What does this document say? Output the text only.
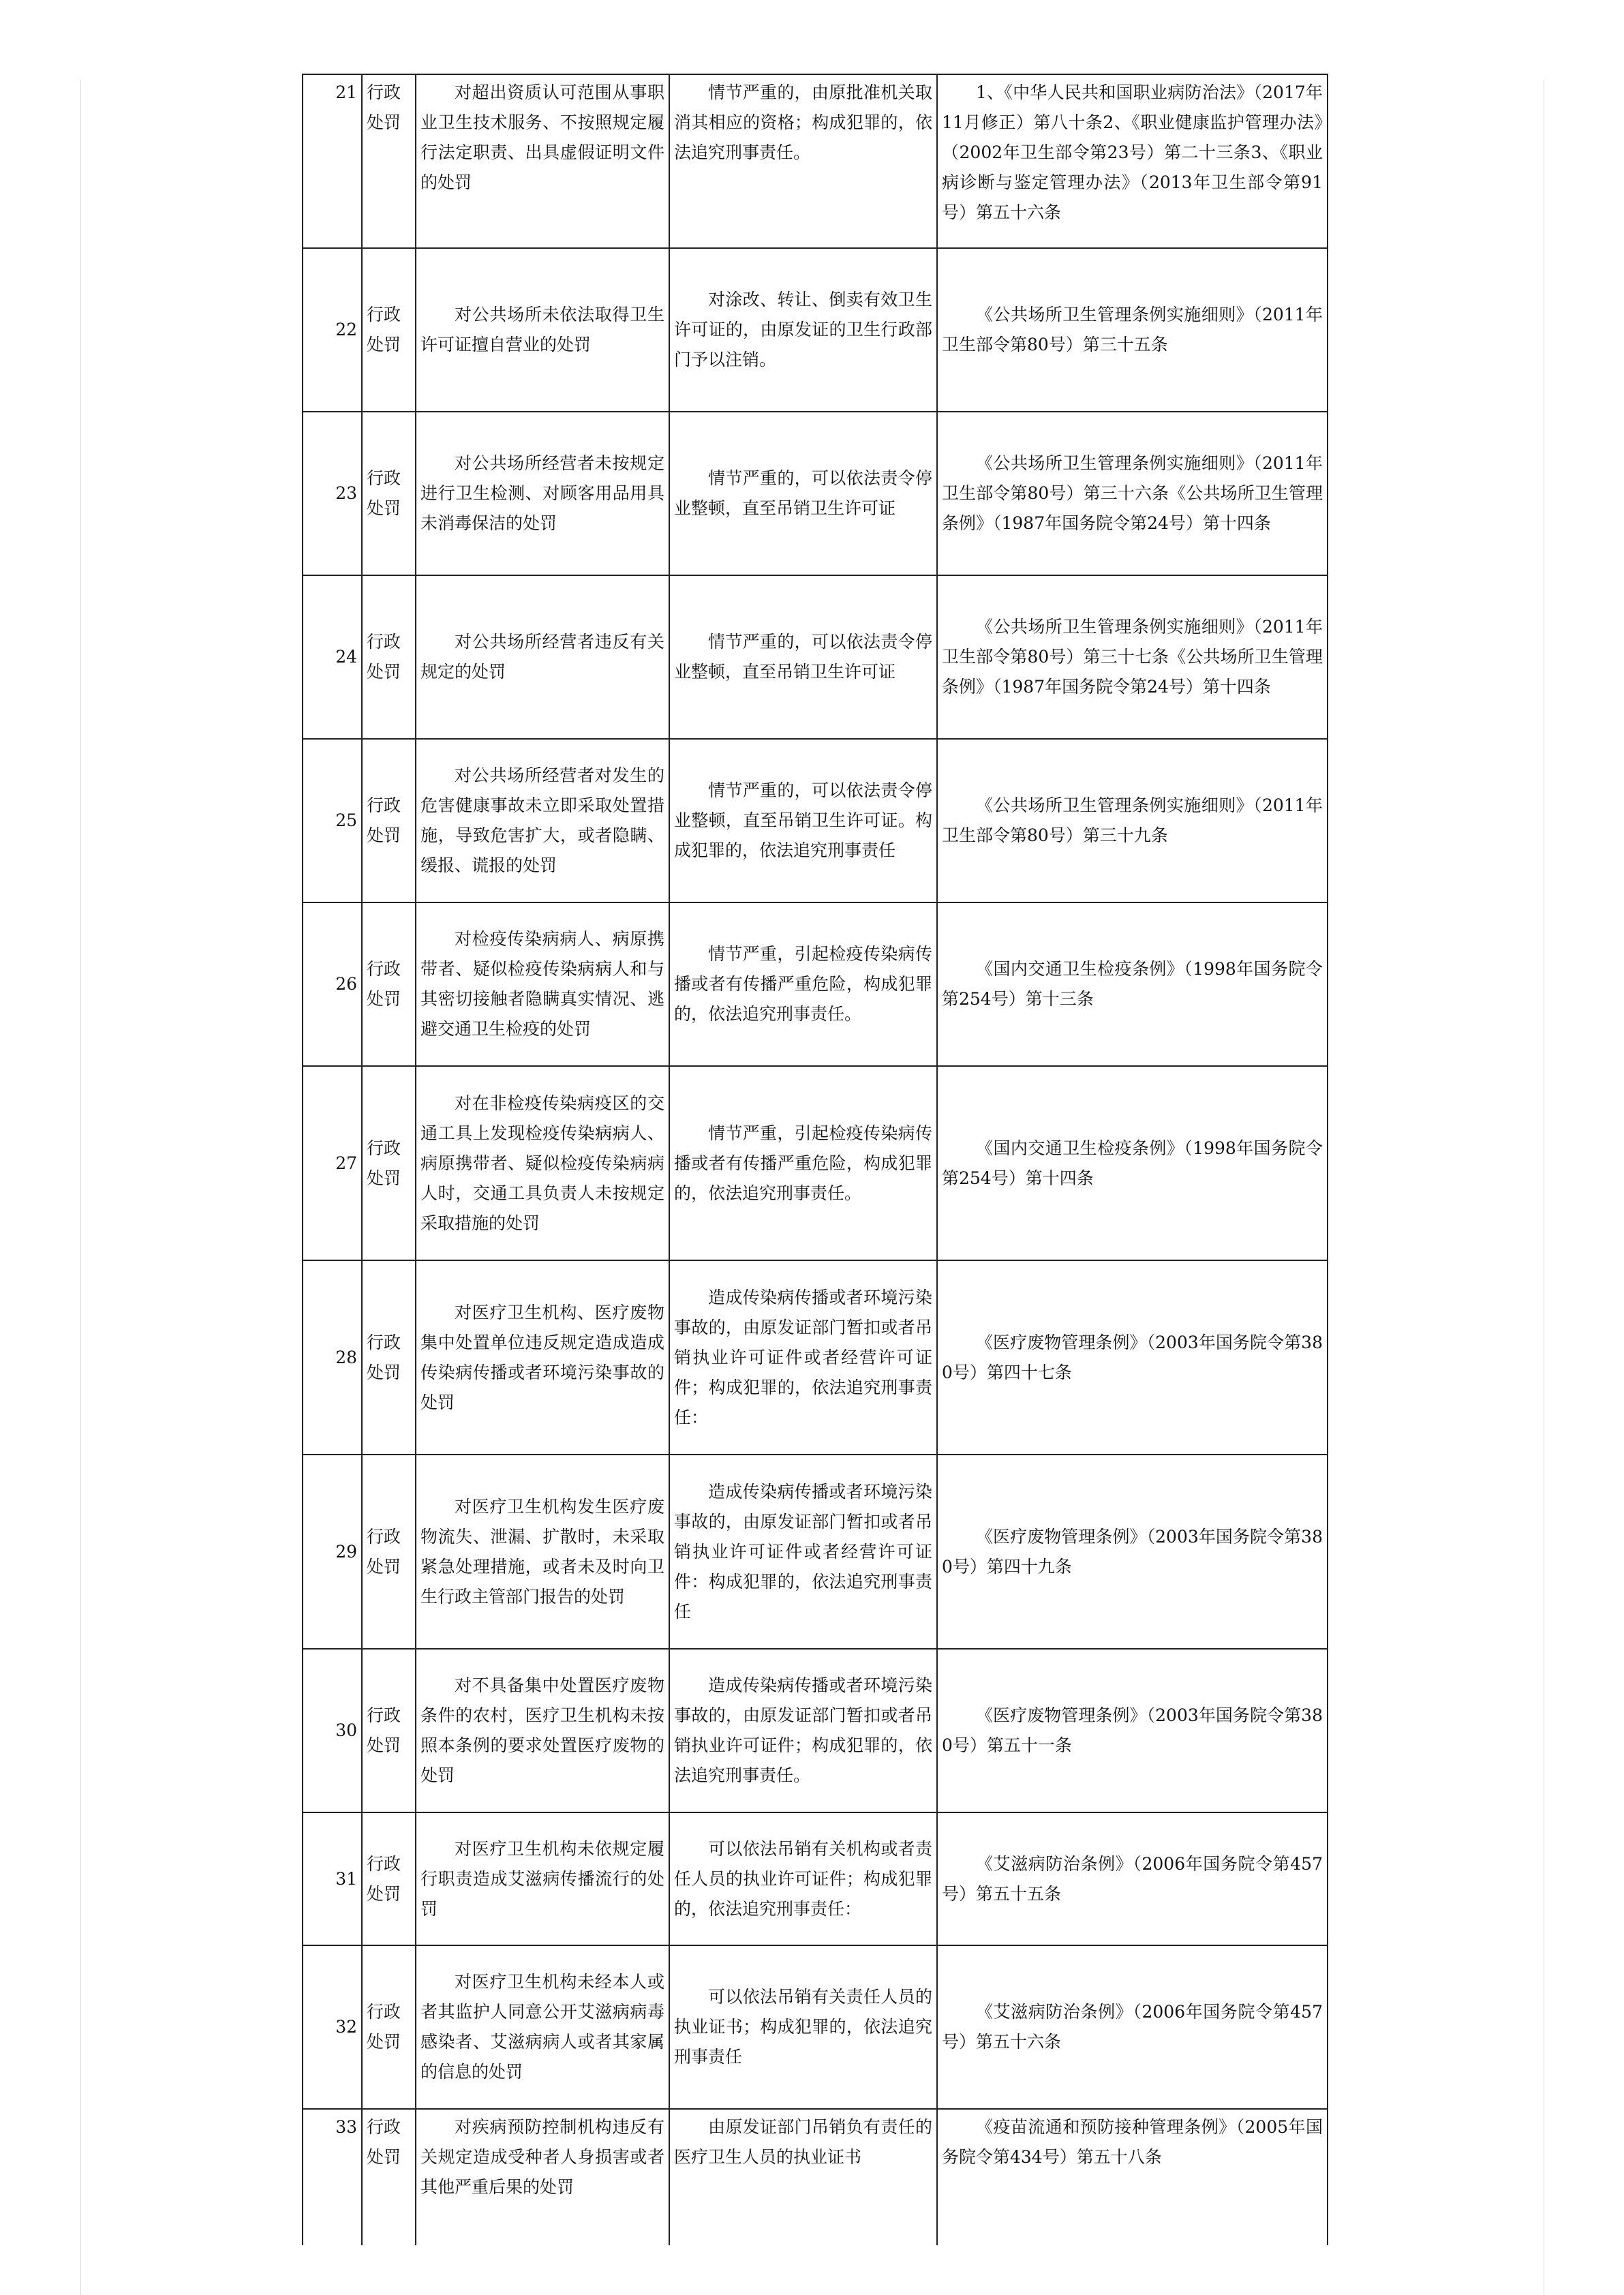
21	行政处罚	对超出资质认可范围从事职业卫生技术服务、不按照规定履行法定职责、出具虚假证明文件的处罚	情节严重的，由原批准机关取消其相应的资格；构成犯罪的，依法追究刑事责任。	1、《中华人民共和国职业病防治法》（2017年11月修正）第八十条2、《职业健康监护管理办法》（2002年卫生部令第23号）第二十三条3、《职业病诊断与鉴定管理办法》（2013年卫生部令第91号）第五十六条

22	行政处罚	对公共场所未依法取得卫生许可证擅自营业的处罚	对涂改、转让、倒卖有效卫生许可证的，由原发证的卫生行政部门予以注销。	《公共场所卫生管理条例实施细则》（2011年卫生部令第80号）第三十五条

23	行政处罚	对公共场所经营者未按规定进行卫生检测、对顾客用品用具未消毒保洁的处罚	情节严重的，可以依法责令停业整顿，直至吊销卫生许可证	《公共场所卫生管理条例实施细则》（2011年卫生部令第80号）第三十六条《公共场所卫生管理条例》（1987年国务院令第24号）第十四条

24	行政处罚	对公共场所经营者违反有关规定的处罚	情节严重的，可以依法责令停业整顿，直至吊销卫生许可证	《公共场所卫生管理条例实施细则》（2011年卫生部令第80号）第三十七条《公共场所卫生管理条例》（1987年国务院令第24号）第十四条

25	行政处罚	对公共场所经营者对发生的危害健康事故未立即采取处置措施，导致危害扩大，或者隐瞒、缓报、谎报的处罚	情节严重的，可以依法责令停业整顿，直至吊销卫生许可证。构成犯罪的，依法追究刑事责任	《公共场所卫生管理条例实施细则》（2011年卫生部令第80号）第三十九条

26	行政处罚	对检疫传染病病人、病原携带者、疑似检疫传染病病人和与其密切接触者隐瞒真实情况、逃避交通卫生检疫的处罚	情节严重，引起检疫传染病传播或者有传播严重危险，构成犯罪的，依法追究刑事责任。	《国内交通卫生检疫条例》（1998年国务院令第254号）第十三条

27	行政处罚	对在非检疫传染病疫区的交通工具上发现检疫传染病病人、病原携带者、疑似检疫传染病病人时，交通工具负责人未按规定采取措施的处罚	情节严重，引起检疫传染病传播或者有传播严重危险，构成犯罪的，依法追究刑事责任。	《国内交通卫生检疫条例》（1998年国务院令第254号）第十四条

28	行政处罚	对医疗卫生机构、医疗废物集中处置单位违反规定造成造成传染病传播或者环境污染事故的处罚	造成传染病传播或者环境污染事故的，由原发证部门暂扣或者吊销执业许可证件或者经营许可证件；构成犯罪的，依法追究刑事责任：	《医疗废物管理条例》（2003年国务院令第380号）第四十七条

29	行政处罚	对医疗卫生机构发生医疗废物流失、泄漏、扩散时，未采取紧急处理措施，或者未及时向卫生行政主管部门报告的处罚	造成传染病传播或者环境污染事故的，由原发证部门暂扣或者吊销执业许可证件或者经营许可证件：构成犯罪的，依法追究刑事责任	《医疗废物管理条例》（2003年国务院令第380号）第四十九条

30	行政处罚	对不具备集中处置医疗废物条件的农村，医疗卫生机构未按照本条例的要求处置医疗废物的处罚	造成传染病传播或者环境污染事故的，由原发证部门暂扣或者吊销执业许可证件；构成犯罪的，依法追究刑事责任。	《医疗废物管理条例》（2003年国务院令第380号）第五十一条

31	行政处罚	对医疗卫生机构未依规定履行职责造成艾滋病传播流行的处罚	可以依法吊销有关机构或者责任人员的执业许可证件；构成犯罪的，依法追究刑事责任：	《艾滋病防治条例》（2006年国务院令第457号）第五十五条

32	行政处罚	对医疗卫生机构未经本人或者其监护人同意公开艾滋病病毒感染者、艾滋病病人或者其家属的信息的处罚	可以依法吊销有关责任人员的执业证书；构成犯罪的，依法追究刑事责任	《艾滋病防治条例》（2006年国务院令第457号）第五十六条

33	行政处罚	对疾病预防控制机构违反有关规定造成受种者人身损害或者其他严重后果的处罚	由原发证部门吊销负有责任的医疗卫生人员的执业证书	《疫苗流通和预防接种管理条例》（2005年国务院令第434号）第五十八条
